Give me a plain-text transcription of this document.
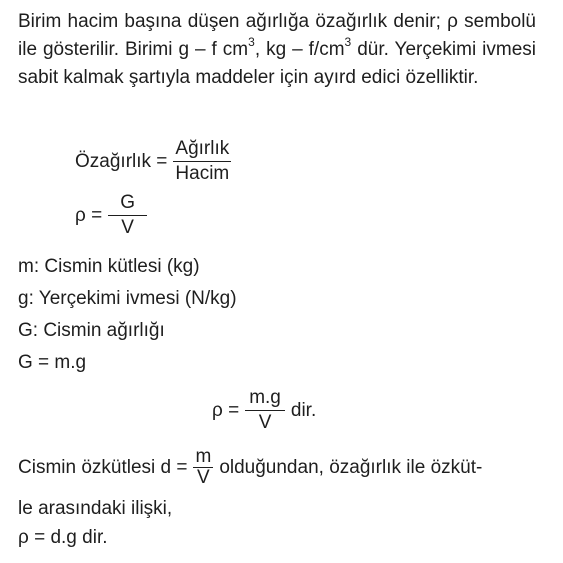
Birim hacim başına düşen ağırlığa özağırlık denir; ρ sembolü ile gösterilir. Birimi g – f $cm^3$, kg – $f/cm^3$ dür. Yerçekimi ivmesi sabit kalmak şartıyla maddeler için ayırd edici özelliktir.

Özağırlık = $\frac{\text{Ağırlık}}{\text{Hacim}}$
$\rho = \frac{G}{V}$
m: Cismin kütlesi (kg)
g: Yerçekimi ivmesi (N/kg)
G: Cismin ağırlığı
G = m.g
$\rho = \frac{m.g}{V}$ dir.
Cismin özkütlesi $d = \frac{m}{V}$ olduğundan, özağırlık ile özküt-
le arasındaki ilişki,
ρ = d.g dir.
